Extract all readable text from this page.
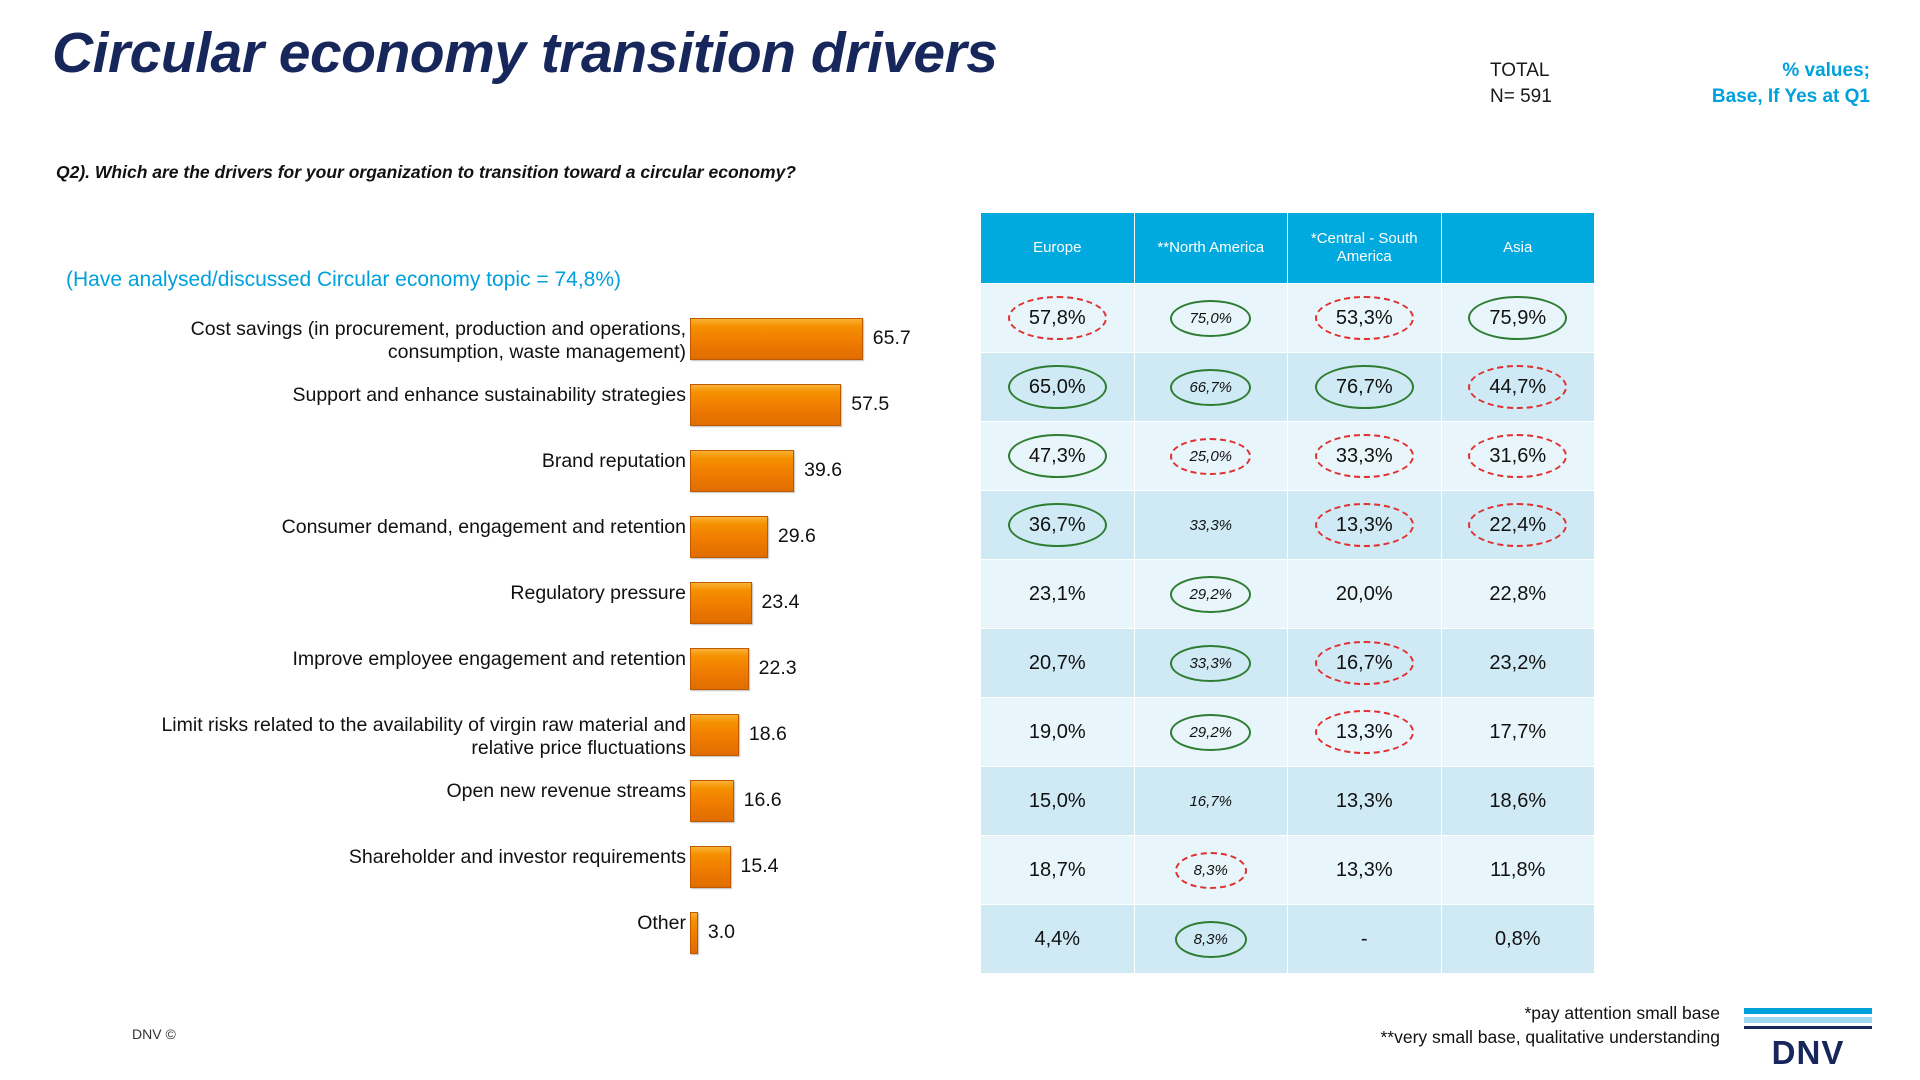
Circular economy transition drivers	TOTAL
N= 591
% values;
Base, If Yes at Q1
Q2). Which are the drivers for your organization to transition toward a circular economy?
(Have analysed/discussed Circular economy topic = 74,8%)
Cost savings (in procurement, production and operations, consumption, waste management)
65.7
Support and enhance sustainability strategies	57.5
Brand reputation	39.6
Consumer demand, engagement and retention	29.6
Regulatory pressure	23.4
Improve employee engagement and retention	22.3
Limit risks related to the availability of virgin raw material and relative price fluctuations
18.6
Open new revenue streams	16.6
Shareholder and investor requirements	15.4
Other 3.0
Europe	**North America	*Central - South America	Asia
57,8%	75,0%	53,3%	75,9%
65,0%	66,7%	76,7%	44,7%
47,3%	25,0%	33,3%	31,6%
36,7%	33,3%	13,3%	22,4%
23,1%	29,2%	20,0%	22,8%
20,7%	33,3%	16,7%	23,2%
19,0%	29,2%	13,3%	17,7%
15,0%	16,7%	13,3%	18,6%
18,7%	8,3%	13,3%	11,8%
4,4%	8,3%	-	0,8%
DNV ©
*pay attention small base
**very small base, qualitative understanding	DNV
